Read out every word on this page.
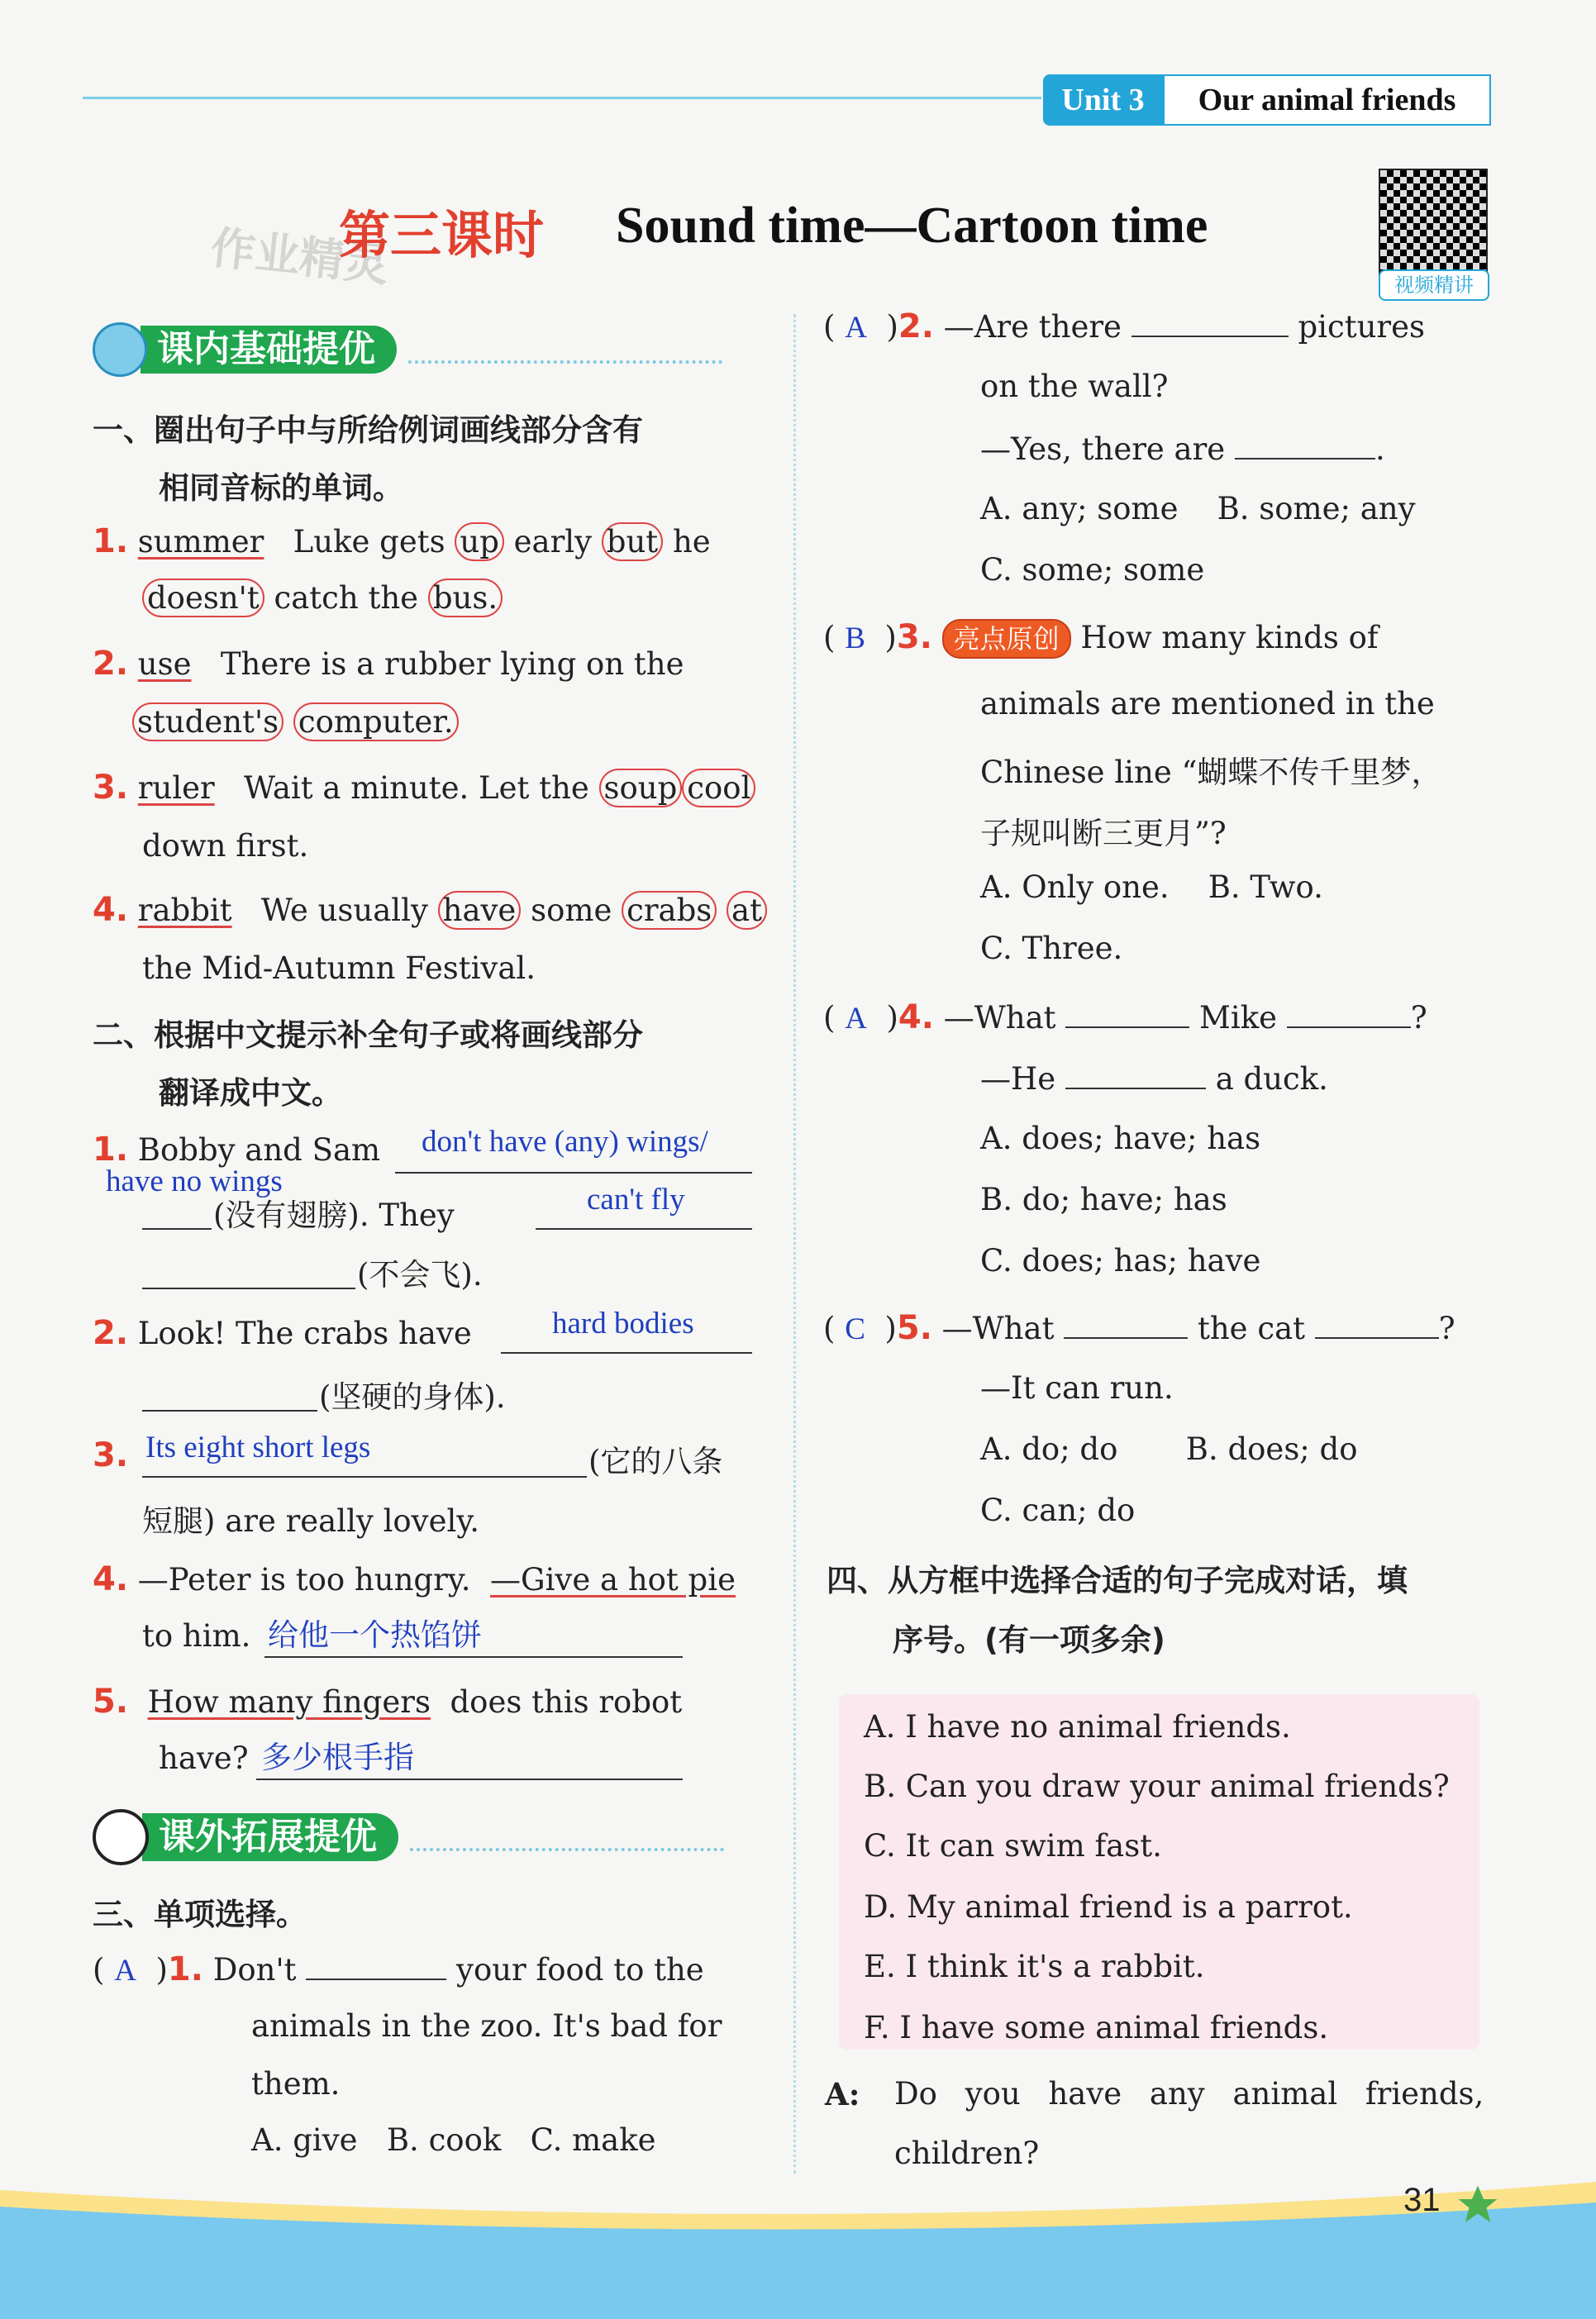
Unit 3	Our animal friends
作业精灵
第三课时 Sound time—Cartoon time
视频精讲
课内基础提优
一、圈出句子中与所给例词画线部分含有
相同音标的单词。
1. summer Luke gets up early but he
doesn't catch the bus.
2. use There is a rubber lying on the
student's computer.
3. ruler Wait a minute. Let the soup cool
down first.
4. rabbit We usually have some crabs at
the Mid-Autumn Festival.
二、根据中文提示补全句子或将画线部分
翻译成中文。
1. Bobby and Sam don't have (any) wings/
have no wings
(没有翅膀). They	can't fly
(不会飞).
2. Look! The crabs have	hard bodies
(坚硬的身体).
3. Its eight short legs	(它的八条
短腿) are really lovely.
4. —Peter is too hungry. —Give a hot pie
to him. 给他一个热馅饼
5. How many fingers does this robot
have? 多少根手指
课外拓展提优
三、单项选择。
( A )1. Don't	your food to the
animals in the zoo. It's bad for
them.
A. give B. cook C. make
( A )2. —Are there	pictures
on the wall?
—Yes, there are	.
A. any; some B. some; any
C. some; some
( B )3. 亮点原创 How many kinds of
animals are mentioned in the
Chinese line “蝴蝶不传千里梦，
子规叫断三更月”?
A. Only one. B. Two.
C. Three.
( A )4. —What	Mike	?
—He	a duck.
A. does; have; has
B. do; have; has
C. does; has; have
( C )5. —What	the cat	?
—It can run.
A. do; do B. does; do
C. can; do
四、从方框中选择合适的句子完成对话，填
序号。(有一项多余)
A. I have no animal friends.
B. Can you draw your animal friends?
C. It can swim fast.
D. My animal friend is a parrot.
E. I think it's a rabbit.
F. I have some animal friends.
A: Do you have any animal friends,
children?
31
